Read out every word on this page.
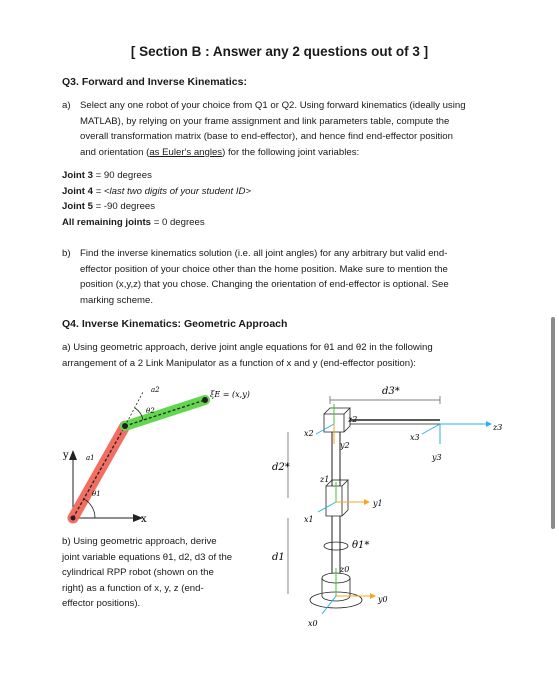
[ Section B : Answer any 2 questions out of 3 ]
Q3. Forward and Inverse Kinematics:
a) Select any one robot of your choice from Q1 or Q2. Using forward kinematics (ideally using
MATLAB), by relying on your frame assignment and link parameters table, compute the
overall transformation matrix (base to end-effector), and hence find end-effector position
and orientation (as Euler's angles) for the following joint variables:
Joint 3 = 90 degrees
Joint 4 = <last two digits of your student ID>
Joint 5 = -90 degrees
All remaining joints = 0 degrees
b) Find the inverse kinematics solution (i.e. all joint angles) for any arbitrary but valid end-
effector position of your choice other than the home position. Make sure to mention the
position (x,y,z) that you chose. Changing the orientation of end-effector is optional. See
marking scheme.
Q4. Inverse Kinematics: Geometric Approach
a) Using geometric approach, derive joint angle equations for θ1 and θ2 in the following
arrangement of a 2 Link Manipulator as a function of x and y (end-effector position):
b) Using geometric approach, derive
joint variable equations θ1, d2, d3 of the
cylindrical RPP robot (shown on the
right) as a function of x, y, z (end-
effector positions).
y
x
θ1
a1
θ2
a2	ξE = (x,y)	d3*
z2
x2
y2
z3
x3
y3
d2*
z1
y1
x1
d1
θ1*
z0
y0
x0
